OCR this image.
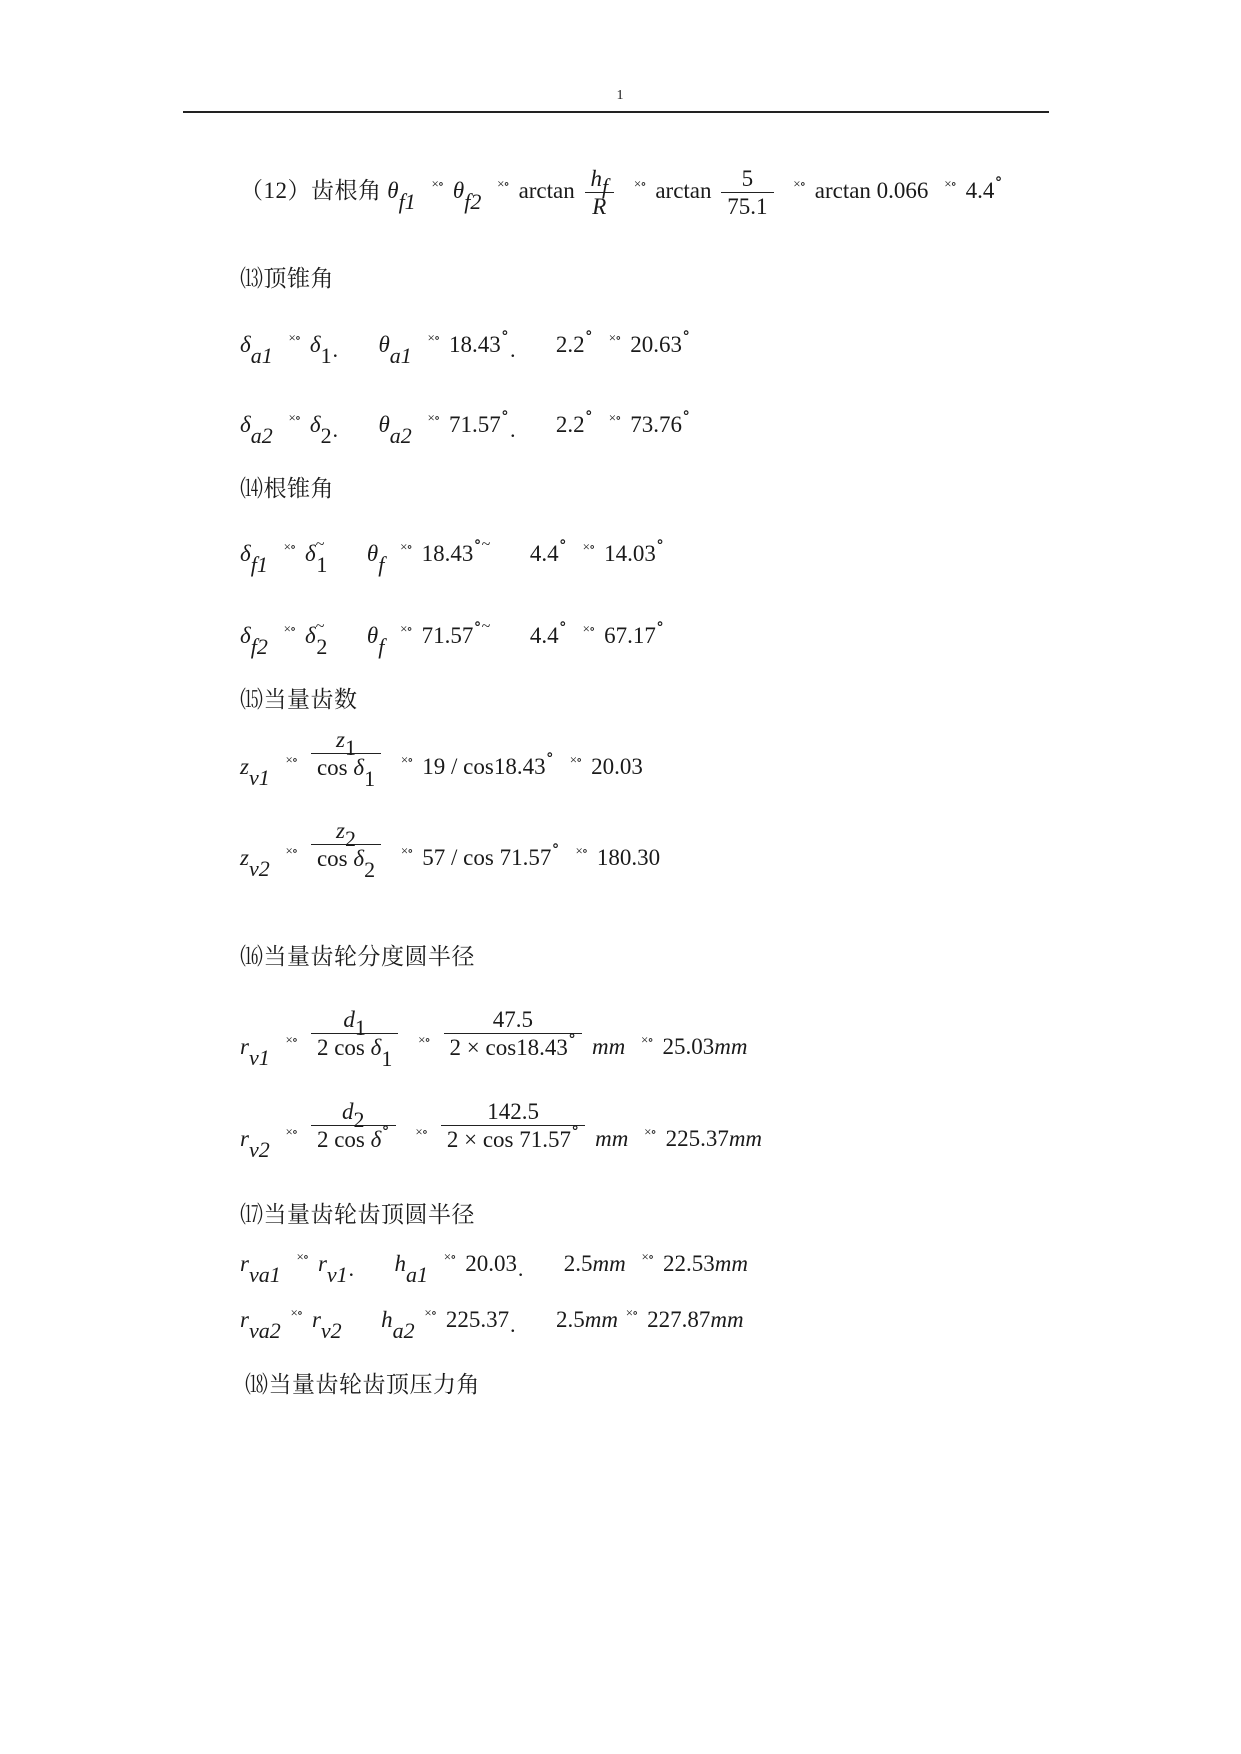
1
（12）齿根角 θf1 ×∘ θf2 ×∘ $\arctan \frac{hf}{R} ^{\times\circ}$ $\arctan \frac{5}{75.1} ^{\times\circ}$ arctan 0.066 ×∘ 4.4∘
⒀顶锥角
δa1 ×∘ δ1· θa1 ×∘ 18.43∘· 2.2∘ ×∘ 20.63∘
δa2 ×∘ δ2· θa2 ×∘ 71.57∘· 2.2∘ ×∘ 73.76∘
⒁根锥角
δf1 ×∘ δ~1 θf ×∘ 18.43∘~ 4.4∘ ×∘ 14.03∘
δf2 ×∘ δ~2 θf ×∘ 71.57∘~ 4.4∘ ×∘ 67.17∘
⒂当量齿数
zv1 $^{\times\circ} \frac{z1}{\text{cos δ1}} ^{\times\circ}$ 19 / cos18.43∘ ×∘ 20.03
zv2 $^{\times\circ} \frac{z2}{\text{cos δ2}} ^{\times\circ}$ 57 / cos 71.57∘ ×∘ 180.30
⒃当量齿轮分度圆半径
rv1 $^{\times\circ} \frac{d1}{\text{2 cos δ1}} ^{\times\circ} \frac{47.5}{2 \times \cos 18.43^\circ}$ mm ×∘ 25.03mm
rv2 $^{\times\circ} \frac{d2}{2 \cos \delta^\circ} ^{\times\circ} \frac{142.5}{2 \times \cos 71.57^\circ}$ mm ×∘ 225.37mm
⒄当量齿轮齿顶圆半径
rva1 ×∘ rv1· ha1 ×∘ 20.03· 2.5mm ×∘ 22.53mm
rva2 ×∘ rv2 ha2 ×∘ 225.37· 2.5mm ×∘ 227.87mm
⒅当量齿轮齿顶压力角
